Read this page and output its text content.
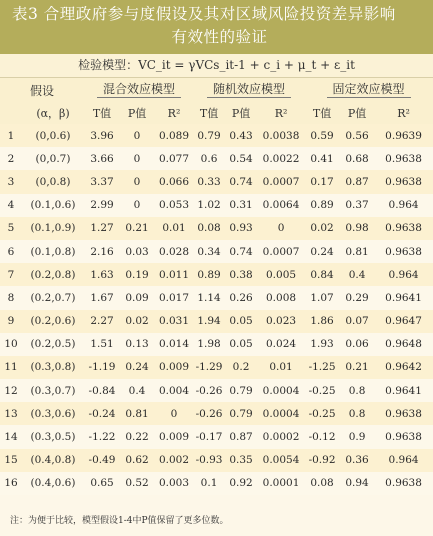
表3 合理政府参与度假设及其对区域风险投资差异影响
有效性的验证
检验模型：VC_it = γVCs_it-1 + c_i + μ_t + ε_it
假设		混合效应模型			随机效应模型			固定效应模型		
	(α，β)	T值	P值	R²	T值	P值	R²	T值	P值	R²
1	(0,0.6)	3.96	0	0.089	0.79	0.43	0.0038	0.59	0.56	0.9639
2	(0,0.7)	3.66	0	0.077	0.6	0.54	0.0022	0.41	0.68	0.9638
3	(0,0.8)	3.37	0	0.066	0.33	0.74	0.0007	0.17	0.87	0.9638
4	(0.1,0.6)	2.99	0	0.053	1.02	0.31	0.0064	0.89	0.37	0.964
5	(0.1,0.9)	1.27	0.21	0.01	0.08	0.93	0	0.02	0.98	0.9638
6	(0.1,0.8)	2.16	0.03	0.028	0.34	0.74	0.0007	0.24	0.81	0.9638
7	(0.2,0.8)	1.63	0.19	0.011	0.89	0.38	0.005	0.84	0.4	0.964
8	(0.2,0.7)	1.67	0.09	0.017	1.14	0.26	0.008	1.07	0.29	0.9641
9	(0.2,0.6)	2.27	0.02	0.031	1.94	0.05	0.023	1.86	0.07	0.9647
10	(0.2,0.5)	1.51	0.13	0.014	1.98	0.05	0.024	1.93	0.06	0.9648
11	(0.3,0.8)	-1.19	0.24	0.009	-1.29	0.2	0.01	-1.25	0.21	0.9642
12	(0.3,0.7)	-0.84	0.4	0.004	-0.26	0.79	0.0004	-0.25	0.8	0.9641
13	(0.3,0.6)	-0.24	0.81	0	-0.26	0.79	0.0004	-0.25	0.8	0.9638
14	(0.3,0.5)	-1.22	0.22	0.009	-0.17	0.87	0.0002	-0.12	0.9	0.9638
15	(0.4,0.8)	-0.49	0.62	0.002	-0.93	0.35	0.0054	-0.92	0.36	0.964
16	(0.4,0.6)	0.65	0.52	0.003	0.1	0.92	0.0001	0.08	0.94	0.9638
注：为便于比较，模型假设1-4中P值保留了更多位数。
